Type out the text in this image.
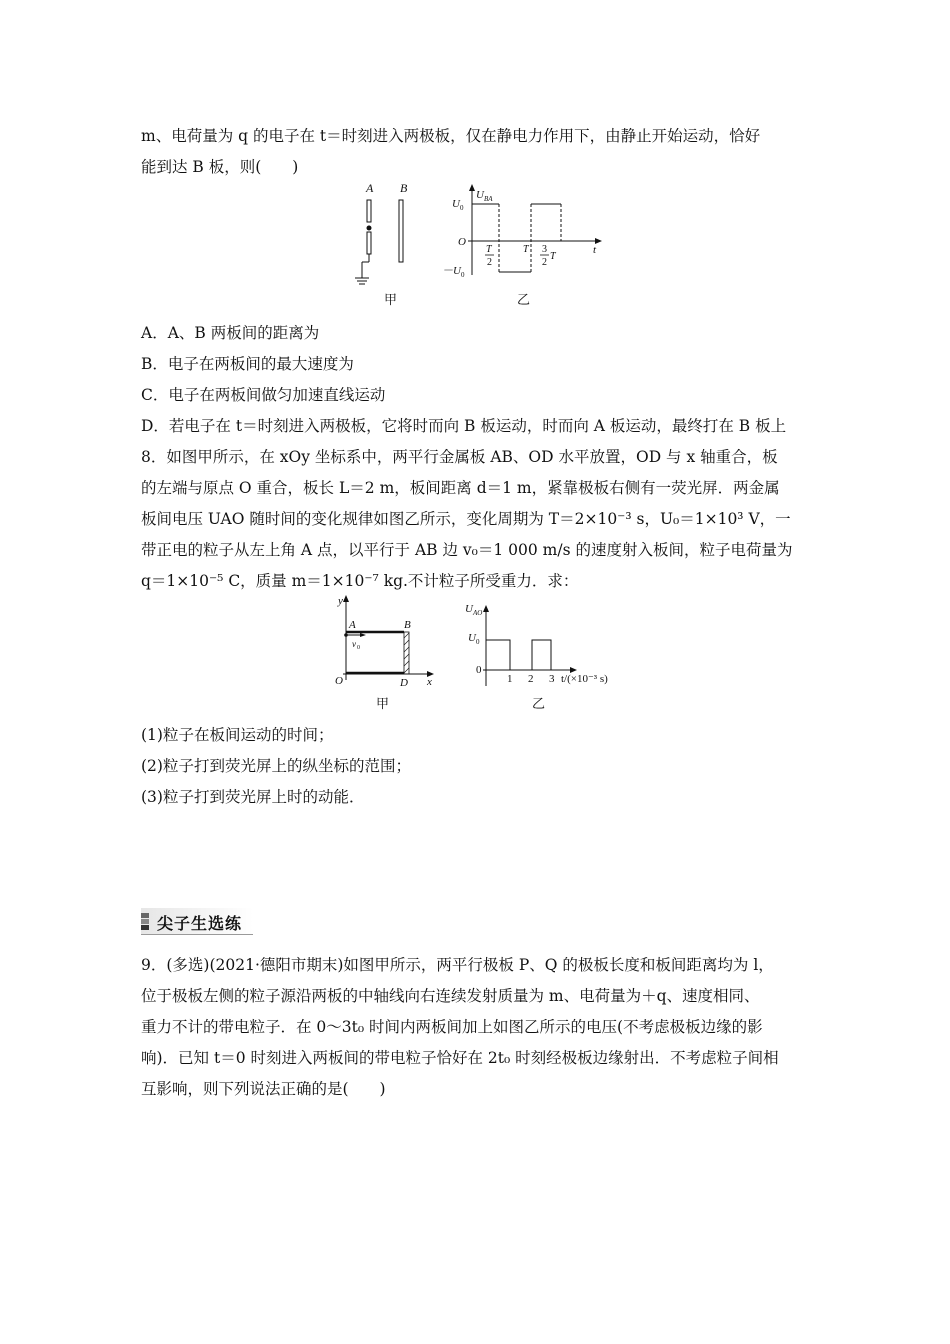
m、电荷量为 q 的电子在 t＝时刻进入两极板，仅在静电力作用下，由静止开始运动，恰好
能到达 B 板，则(　　)
A B
甲
U BA
U 0
O
－U 0
t
T
2
T 3
2
T
乙
A．A、B 两板间的距离为
B．电子在两板间的最大速度为
C．电子在两板间做匀加速直线运动
D．若电子在 t＝时刻进入两极板，它将时而向 B 板运动，时而向 A 板运动，最终打在 B 板上
8．如图甲所示，在 xOy 坐标系中，两平行金属板 AB、OD 水平放置，OD 与 x 轴重合，板
的左端与原点 O 重合，板长 L＝2 m，板间距离 d＝1 m，紧靠极板右侧有一荧光屏．两金属
板间电压 UAO 随时间的变化规律如图乙所示，变化周期为 T＝2×10⁻³ s，U₀＝1×10³ V，一
带正电的粒子从左上角 A 点，以平行于 AB 边 v₀＝1 000 m/s 的速度射入板间，粒子电荷量为
q＝1×10⁻⁵ C，质量 m＝1×10⁻⁷ kg.不计粒子所受重力．求：
y
A	B
v 0
O	D x
甲
U AO
U 0
0
1 2 3 t/(×10⁻³ s)
乙
(1)粒子在板间运动的时间；
(2)粒子打到荧光屏上的纵坐标的范围；
(3)粒子打到荧光屏上时的动能．
尖子生选练
9．(多选)(2021·德阳市期末)如图甲所示，两平行极板 P、Q 的极板长度和板间距离均为 l，
位于极板左侧的粒子源沿两板的中轴线向右连续发射质量为 m、电荷量为＋q、速度相同、
重力不计的带电粒子．在 0～3t₀ 时间内两板间加上如图乙所示的电压(不考虑极板边缘的影
响)．已知 t＝0 时刻进入两板间的带电粒子恰好在 2t₀ 时刻经极板边缘射出．不考虑粒子间相
互影响，则下列说法正确的是(　　)
